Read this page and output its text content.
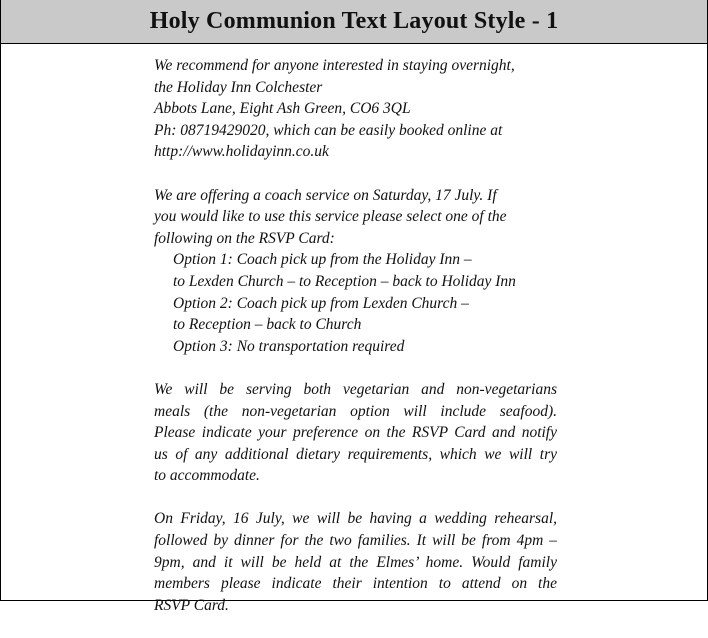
Holy Communion Text Layout Style - 1
We recommend for anyone interested in staying overnight,
the Holiday Inn Colchester
Abbots Lane, Eight Ash Green, CO6 3QL
Ph: 08719429020, which can be easily booked online at
http://www.holidayinn.co.uk
We are offering a coach service on Saturday, 17 July. If
you would like to use this service please select one of the
following on the RSVP Card:
Option 1: Coach pick up from the Holiday Inn –
to Lexden Church – to Reception – back to Holiday Inn
Option 2: Coach pick up from Lexden Church –
to Reception – back to Church
Option 3: No transportation required
We will be serving both vegetarian and non-vegetarians
meals (the non-vegetarian option will include seafood).
Please indicate your preference on the RSVP Card and notify
us of any additional dietary requirements, which we will try
to accommodate.
On Friday, 16 July, we will be having a wedding rehearsal,
followed by dinner for the two families. It will be from 4pm –
9pm, and it will be held at the Elmes’ home. Would family
members please indicate their intention to attend on the
RSVP Card.
